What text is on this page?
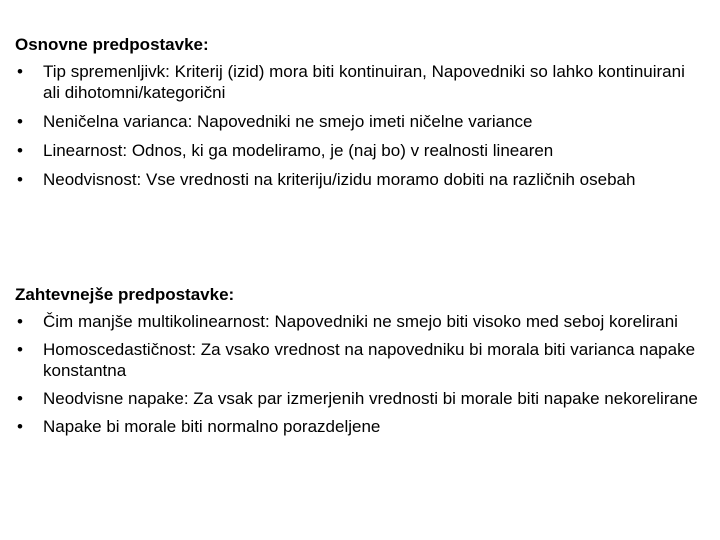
Osnovne predpostavke:
• Tip spremenljivk: Kriterij (izid) mora biti kontinuiran, Napovedniki so lahko kontinuirani ali dihotomni/kategorični
• Neničelna varianca: Napovedniki ne smejo imeti ničelne variance
• Linearnost: Odnos, ki ga modeliramo, je (naj bo) v realnosti linearen
• Neodvisnost: Vse vrednosti na kriteriju/izidu moramo dobiti na različnih osebah
Zahtevnejše predpostavke:
• Čim manjše multikolinearnost: Napovedniki ne smejo biti visoko med seboj korelirani
• Homoscedastičnost: Za vsako vrednost na napovedniku bi morala biti varianca napake konstantna
• Neodvisne napake: Za vsak par izmerjenih vrednosti bi morale biti napake nekorelirane
• Napake bi morale biti normalno porazdeljene
